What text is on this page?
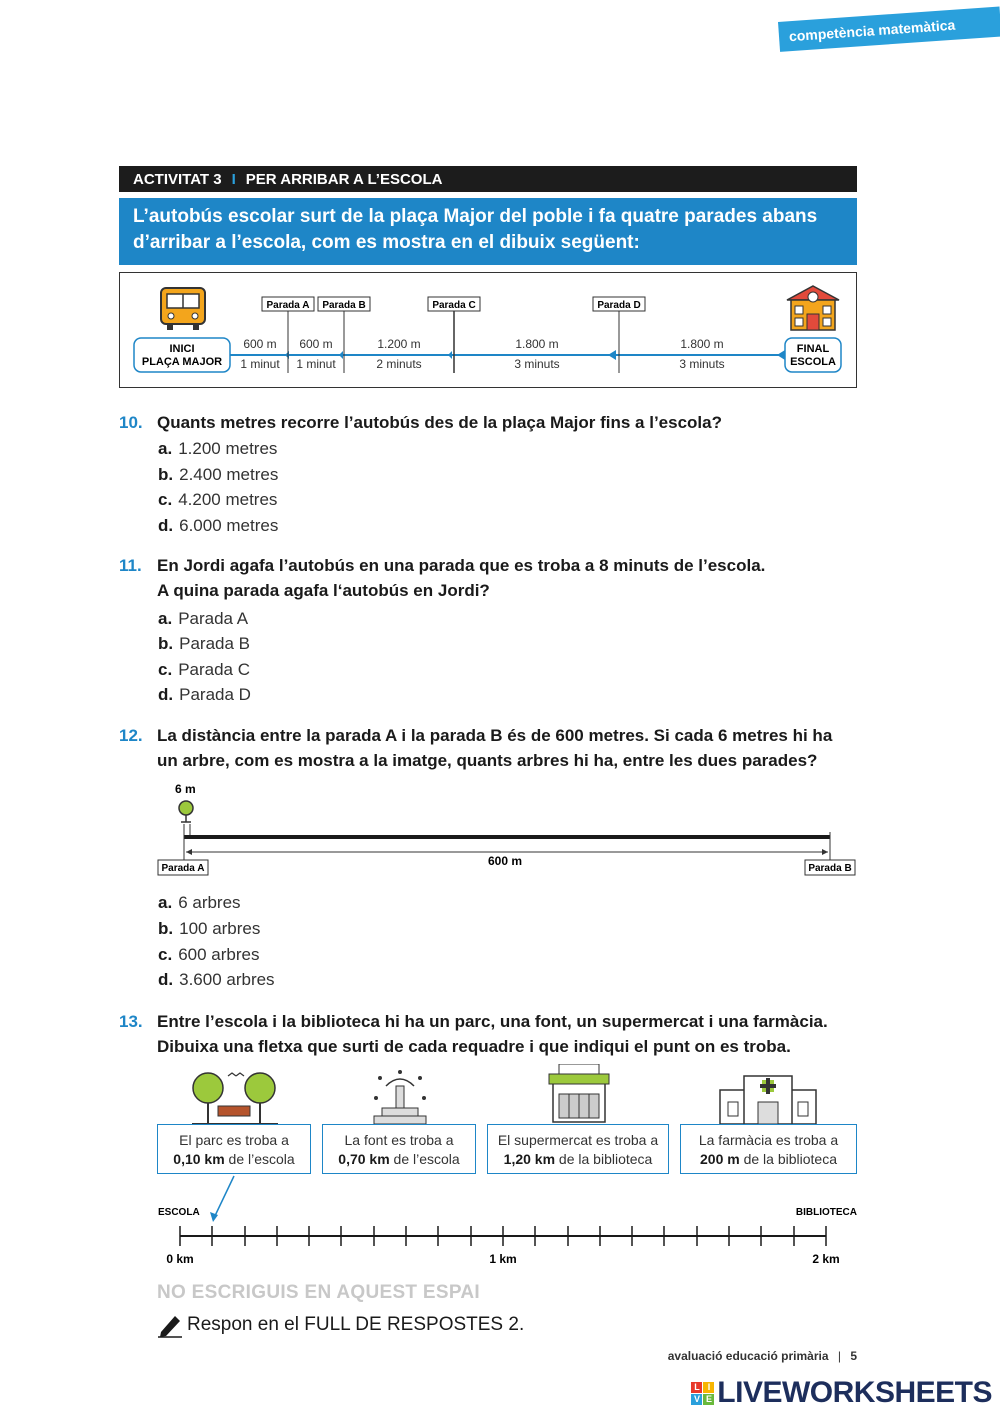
competència matemàtica
ACTIVITAT 3 I PER ARRIBAR A L’ESCOLA
L’autobús escolar surt de la plaça Major del poble i fa quatre parades abans d’arribar a l’escola, com es mostra en el dibuix següent:
INICI
PLAÇA MAJOR
FINAL
ESCOLA
Parada A Parada B	Parada C	Parada D
600 m
1 minut
600 m
1 minut
1.200 m
2 minuts
1.800 m
3 minuts
1.800 m
3 minuts
10. Quants metres recorre l’autobús des de la plaça Major fins a l’escola?
a. 1.200 metres
b. 2.400 metres
c. 4.200 metres
d. 6.000 metres
11. En Jordi agafa l’autobús en una parada que es troba a 8 minuts de l’escola.
A quina parada agafa l‘autobús en Jordi?
a. Parada A
b. Parada B
c. Parada C
d. Parada D
12. La distància entre la parada A i la parada B és de 600 metres. Si cada 6 metres hi ha
un arbre, com es mostra a la imatge, quants arbres hi ha, entre les dues parades?
6 m
600 m
Parada A	Parada B
a. 6 arbres
b. 100 arbres
c. 600 arbres
d. 3.600 arbres
13. Entre l’escola i la biblioteca hi ha un parc, una font, un supermercat i una farmàcia.
Dibuixa una fletxa que surti de cada requadre i que indiqui el punt on es troba.
El parc es troba a
0,10 km de l’escola
La font es troba a
0,70 km de l’escola
El supermercat es troba a
1,20 km de la biblioteca
La farmàcia es troba a
200 m de la biblioteca
ESCOLA	BIBLIOTECA
0 km	1 km	2 km
NO ESCRIGUIS EN AQUEST ESPAI
Respon en el FULL DE RESPOSTES 2.
avaluació educació primària | 5
L I
V E LIVEWORKSHEETS
